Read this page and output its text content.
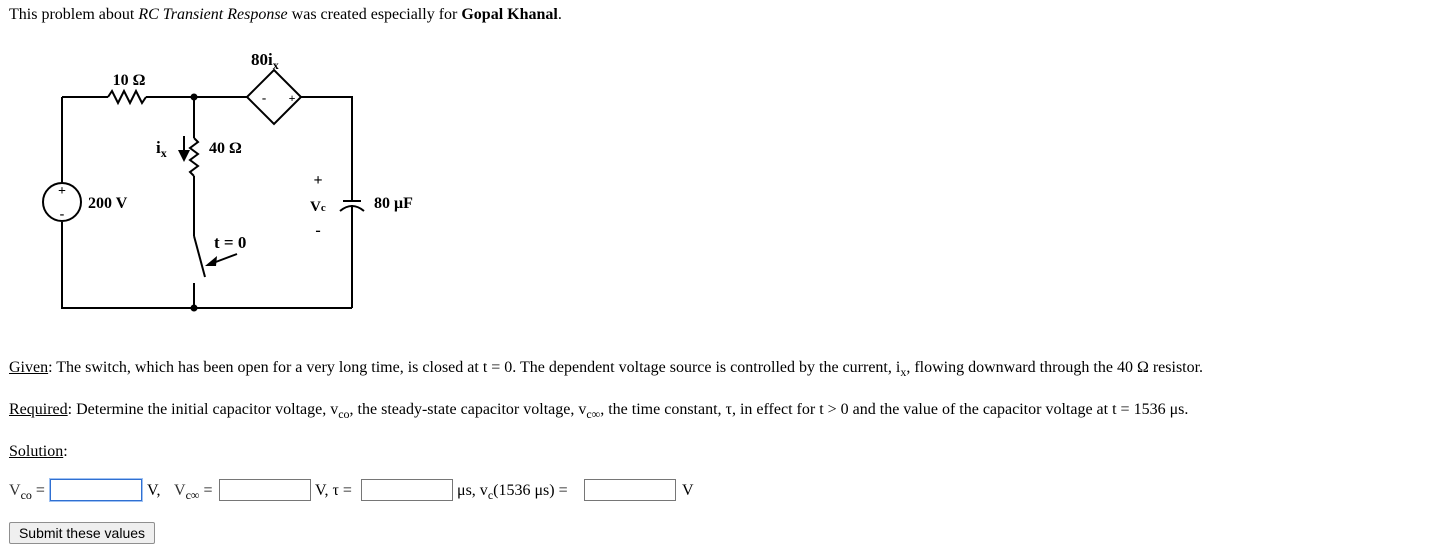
This problem about RC Transient Response was created especially for Gopal Khanal.
10 Ω
$80i_x$
- +
$i_x$	40 Ω
+
-
200 V
t = 0
+
Vc
-
80 μF
Given: The switch, which has been open for a very long time, is closed at t = 0. The dependent voltage source is controlled by the current, $i_x$, flowing downward through the 40 Ω resistor.
Required: Determine the initial capacitor voltage, $v_{co}$, the steady-state capacitor voltage, $v_{c\infty}$, the time constant, τ, in effect for t > 0 and the value of the capacitor voltage at t = 1536 μs.
Solution:
$V_{co}$ =	V, $V_{c\infty}$ =	V, τ =	μs, $v_c(1536$ μs) =	V
Submit these values
